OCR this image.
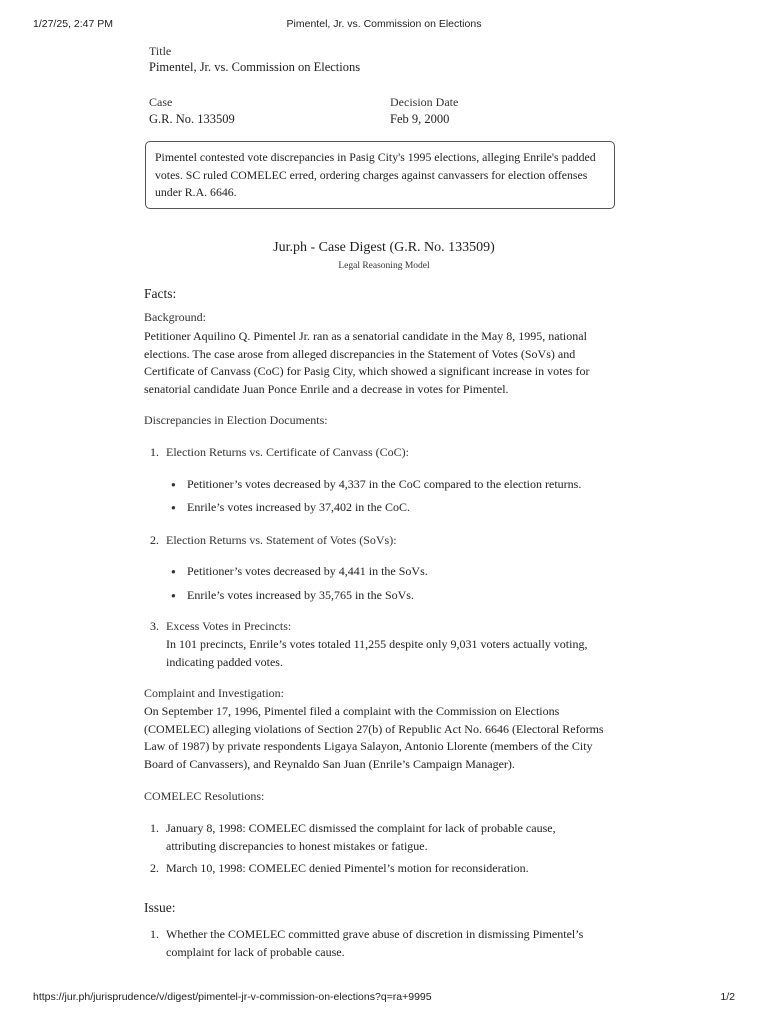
1/27/25, 2:47 PM	Pimentel, Jr. vs. Commission on Elections
https://jur.ph/jurisprudence/v/digest/pimentel-jr-v-commission-on-elections?q=ra+9995	1/2
Title
Pimentel, Jr. vs. Commission on Elections
Case
G.R. No. 133509
Decision Date
Feb 9, 2000
Pimentel contested vote discrepancies in Pasig City's 1995 elections, alleging Enrile's padded votes. SC ruled COMELEC erred, ordering charges against canvassers for election offenses under R.A. 6646.
Jur.ph - Case Digest (G.R. No. 133509)
Legal Reasoning Model
Facts:
Background:
Petitioner Aquilino Q. Pimentel Jr. ran as a senatorial candidate in the May 8, 1995, national elections. The case arose from alleged discrepancies in the Statement of Votes (SoVs) and Certificate of Canvass (CoC) for Pasig City, which showed a significant increase in votes for senatorial candidate Juan Ponce Enrile and a decrease in votes for Pimentel.
Discrepancies in Election Documents:
1. Election Returns vs. Certificate of Canvass (CoC):
● Petitioner’s votes decreased by 4,337 in the CoC compared to the election returns.
● Enrile’s votes increased by 37,402 in the CoC.
2. Election Returns vs. Statement of Votes (SoVs):
● Petitioner’s votes decreased by 4,441 in the SoVs.
● Enrile’s votes increased by 35,765 in the SoVs.
3. Excess Votes in Precincts:
In 101 precincts, Enrile’s votes totaled 11,255 despite only 9,031 voters actually voting, indicating padded votes.
Complaint and Investigation:
On September 17, 1996, Pimentel filed a complaint with the Commission on Elections (COMELEC) alleging violations of Section 27(b) of Republic Act No. 6646 (Electoral Reforms Law of 1987) by private respondents Ligaya Salayon, Antonio Llorente (members of the City Board of Canvassers), and Reynaldo San Juan (Enrile’s Campaign Manager).
COMELEC Resolutions:
1. January 8, 1998: COMELEC dismissed the complaint for lack of probable cause, attributing discrepancies to honest mistakes or fatigue.
2. March 10, 1998: COMELEC denied Pimentel’s motion for reconsideration.
Issue:
1. Whether the COMELEC committed grave abuse of discretion in dismissing Pimentel’s complaint for lack of probable cause.
